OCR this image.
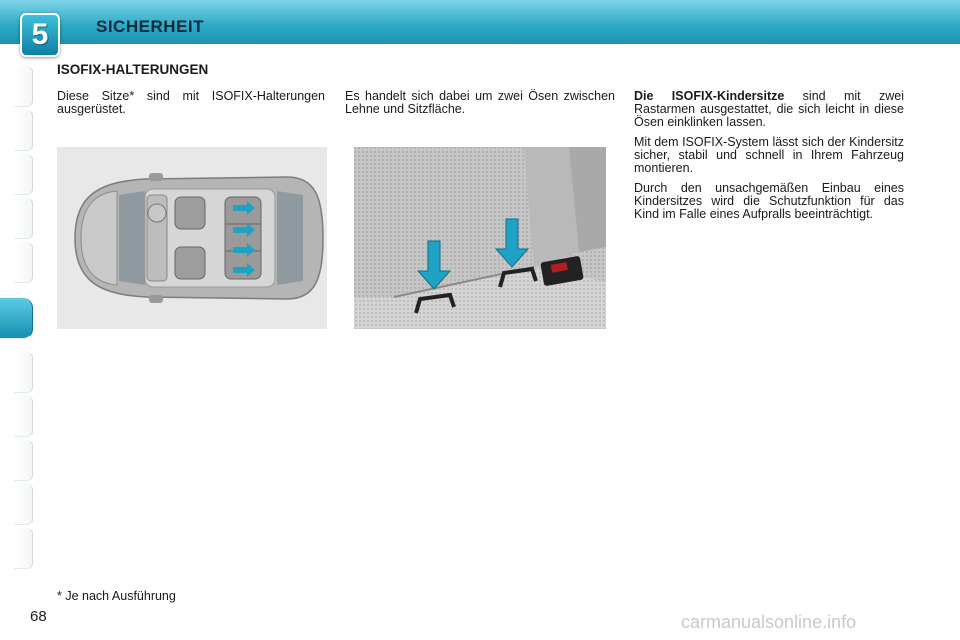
5	SICHERHEIT
ISOFIX-HALTERUNGEN

Diese Sitze* sind mit ISOFIX-Halterungen ausgerüstet.

Es handelt sich dabei um zwei Ösen zwischen Lehne und Sitzfläche.

Die ISOFIX-Kindersitze sind mit zwei Rastarmen ausgestattet, die sich leicht in diese Ösen einklinken lassen.

Mit dem ISOFIX-System lässt sich der Kindersitz sicher, stabil und schnell in Ihrem Fahrzeug montieren.

Durch den unsachgemäßen Einbau eines Kindersitzes wird die Schutzfunktion für das Kind im Falle eines Aufpralls beeinträchtigt.

* Je nach Ausführung
68	carmanualsonline.info
